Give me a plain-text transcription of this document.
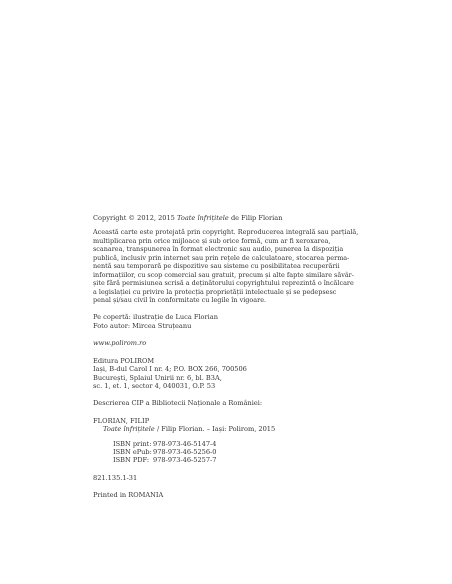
Copyright © 2012, 2015 Toate înfrițitele de Filip Florian
Această carte este protejată prin copyright. Reproducerea integrală sau parțială,
multiplicarea prin orice mijloace și sub orice formă, cum ar fi xeroxarea,
scanarea, transpunerea în format electronic sau audio, punerea la dispoziția
publică, inclusiv prin internet sau prin rețele de calculatoare, stocarea perma-
nentă sau temporară pe dispozitive sau sisteme cu posibilitatea recuperării
informațiilor, cu scop comercial sau gratuit, precum și alte fapte similare săvâr-
șite fără permisiunea scrisă a deținătorului copyrightului reprezintă o încălcare
a legislației cu privire la protecția proprietății intelectuale și se pedepsesc
penal și/sau civil în conformitate cu legile în vigoare.
Pe copertă: ilustrație de Luca Florian
Foto autor: Mircea Struțeanu
www.polirom.ro
Editura POLIROM
Iași, B-dul Carol I nr. 4; P.O. BOX 266, 700506
București, Splaiul Unirii nr. 6, bl. B3A,
sc. 1, et. 1, sector 4, 040031, O.P. 53
Descrierea CIP a Bibliotecii Naționale a României:
FLORIAN, FILIP
Toate înfrițitele / Filip Florian. – Iași: Polirom, 2015
ISBN print: 978-973-46-5147-4
ISBN ePub:978-973-46-5256-0
ISBN PDF: 978-973-46-5257-7
821.135.1-31
Printed in ROMANIA
